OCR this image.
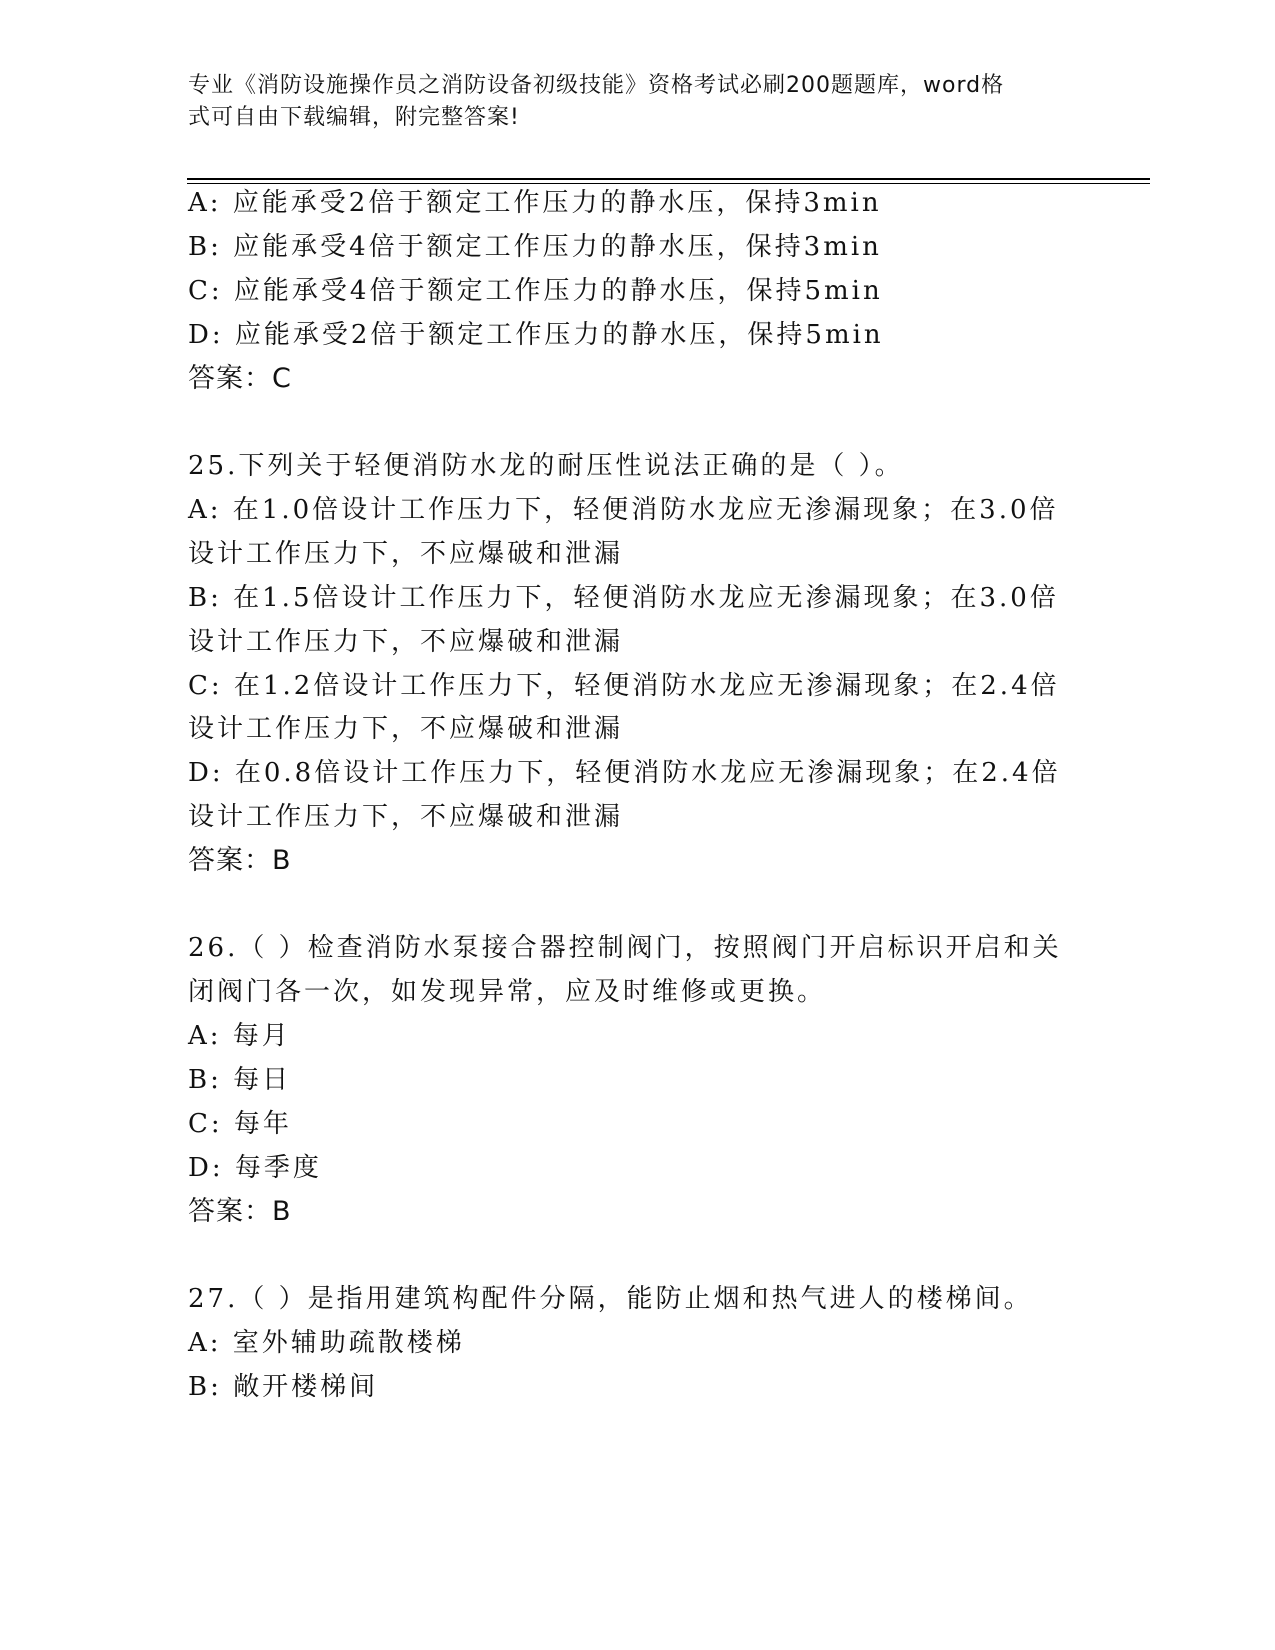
专业《消防设施操作员之消防设备初级技能》资格考试必刷200题题库，word格
式可自由下载编辑，附完整答案!
A: 应能承受2倍于额定工作压力的静水压，保持3min
B: 应能承受4倍于额定工作压力的静水压，保持3min
C: 应能承受4倍于额定工作压力的静水压，保持5min
D: 应能承受2倍于额定工作压力的静水压，保持5min
答案：C
25.下列关于轻便消防水龙的耐压性说法正确的是（ ）。
A: 在1.0倍设计工作压力下，轻便消防水龙应无渗漏现象；在3.0倍
设计工作压力下，不应爆破和泄漏
B: 在1.5倍设计工作压力下，轻便消防水龙应无渗漏现象；在3.0倍
设计工作压力下，不应爆破和泄漏
C: 在1.2倍设计工作压力下，轻便消防水龙应无渗漏现象；在2.4倍
设计工作压力下，不应爆破和泄漏
D: 在0.8倍设计工作压力下，轻便消防水龙应无渗漏现象；在2.4倍
设计工作压力下，不应爆破和泄漏
答案：B
26.（ ）检查消防水泵接合器控制阀门，按照阀门开启标识开启和关
闭阀门各一次，如发现异常，应及时维修或更换。
A: 每月
B: 每日
C: 每年
D: 每季度
答案：B
27.（ ）是指用建筑构配件分隔，能防止烟和热气进人的楼梯间。
A: 室外辅助疏散楼梯
B: 敞开楼梯间
